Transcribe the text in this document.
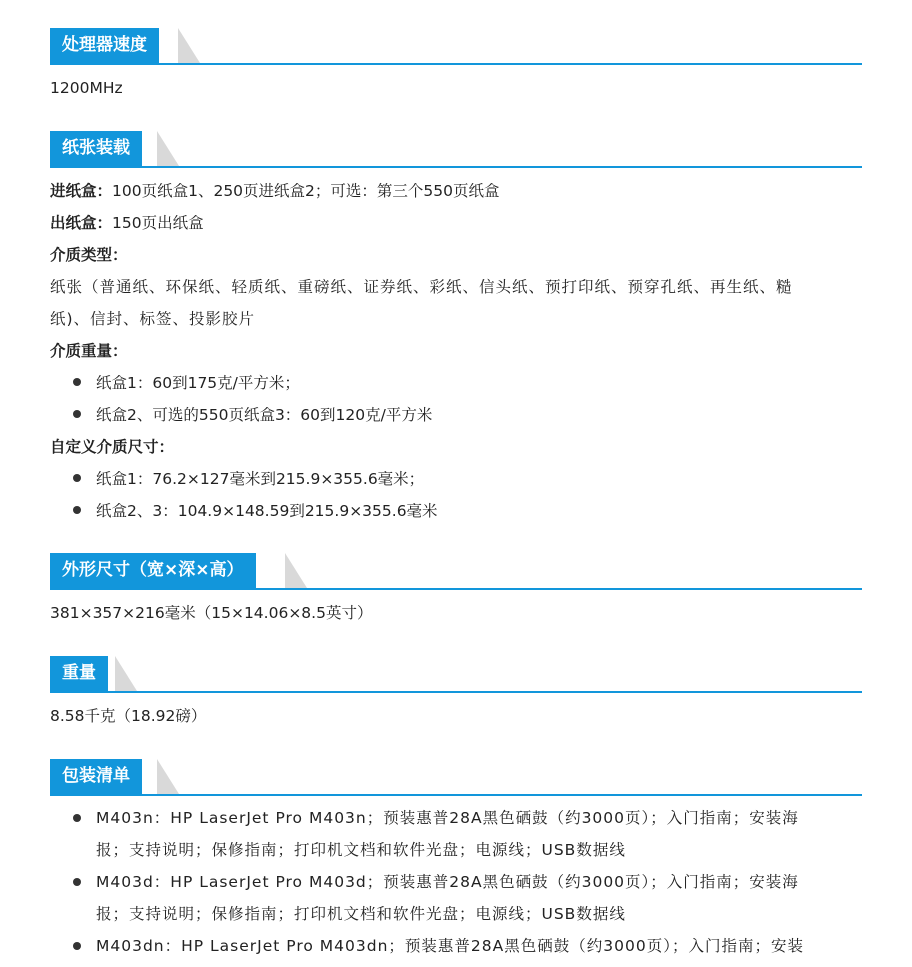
处理器速度
1200MHz
纸张装载
进纸盒：100页纸盒1、250页进纸盒2；可选：第三个550页纸盒
出纸盒：150页出纸盒
介质类型：
纸张（普通纸、环保纸、轻质纸、重磅纸、证券纸、彩纸、信头纸、预打印纸、预穿孔纸、再生纸、糙
纸)、信封、标签、投影胶片
介质重量：
纸盒1：60到175克/平方米；
纸盒2、可选的550页纸盒3：60到120克/平方米
自定义介质尺寸：
纸盒1：76.2×127毫米到215.9×355.6毫米；
纸盒2、3：104.9×148.59到215.9×355.6毫米
外形尺寸（宽×深×高）
381×357×216毫米（15×14.06×8.5英寸）
重量
8.58千克（18.92磅）
包装清单
M403n：HP LaserJet Pro M403n；预装惠普28A黑色硒鼓（约3000页）；入门指南；安装海
报；支持说明；保修指南；打印机文档和软件光盘；电源线；USB数据线
M403d：HP LaserJet Pro M403d；预装惠普28A黑色硒鼓（约3000页）；入门指南；安装海
报；支持说明；保修指南；打印机文档和软件光盘；电源线；USB数据线
M403dn：HP LaserJet Pro M403dn；预装惠普28A黑色硒鼓（约3000页）；入门指南；安装
